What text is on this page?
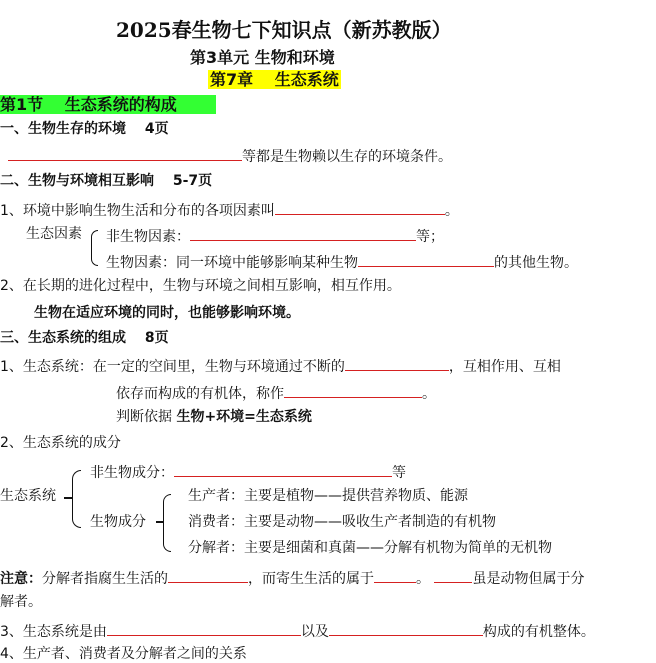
2025春生物七下知识点（新苏教版）
第3单元 生物和环境
第7章　 生态系统
第1节　 生态系统的构成
一、生物生存的环境　 4页
等都是生物赖以生存的环境条件。
二、生物与环境相互影响　 5-7页
1、环境中影响生物生活和分布的各项因素叫	。
生态因素 非生物因素：	等；
生物因素：同一环境中能够影响某种生物	的其他生物。
2、在长期的进化过程中，生物与环境之间相互影响，相互作用。
生物在适应环境的同时，也能够影响环境。
三、生态系统的组成　 8页
1、生态系统：在一定的空间里，生物与环境通过不断的	，互相作用、互相
依存而构成的有机体，称作	。
判断依据 生物+环境=生态系统
2、生态系统的成分
生态系统
非生物成分：	等
生物成分
生产者：主要是植物——提供营养物质、能源
消费者：主要是动物——吸收生产者制造的有机物
分解者：主要是细菌和真菌——分解有机物为简单的无机物
注意：分解者指腐生生活的	，而寄生生活的属于	。	虽是动物但属于分
解者。
3、生态系统是由	以及	构成的有机整体。
4、生产者、消费者及分解者之间的关系
